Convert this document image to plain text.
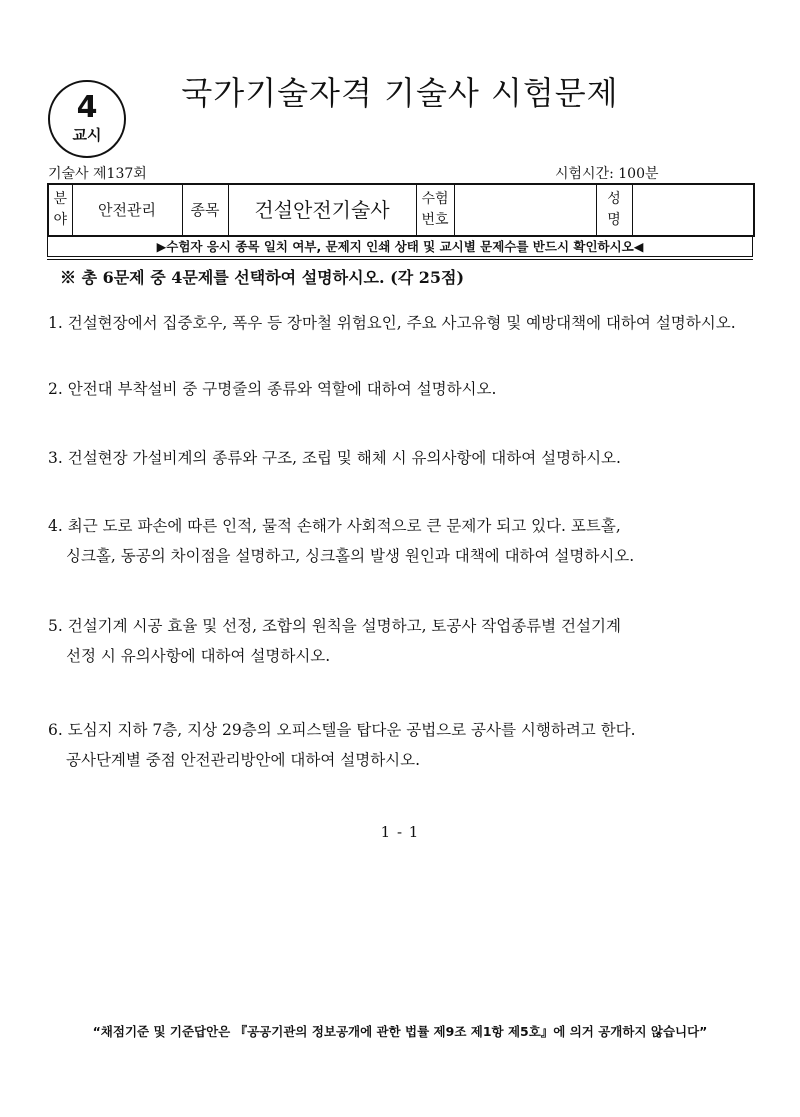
4
교시
국가기술자격 기술사 시험문제
기술사 제137회	시험시간: 100분
분야	안전관리	종목	건설안전기술사	수험번호		성명	
▶수험자 응시 종목 일치 여부, 문제지 인쇄 상태 및 교시별 문제수를 반드시 확인하시오◀
※ 총 6문제 중 4문제를 선택하여 설명하시오. (각 25점)
1. 건설현장에서 집중호우, 폭우 등 장마철 위험요인, 주요 사고유형 및 예방대책에 대하여 설명하시오.
2. 안전대 부착설비 중 구명줄의 종류와 역할에 대하여 설명하시오.
3. 건설현장 가설비계의 종류와 구조, 조립 및 해체 시 유의사항에 대하여 설명하시오.
4. 최근 도로 파손에 따른 인적, 물적 손해가 사회적으로 큰 문제가 되고 있다. 포트홀,
싱크홀, 동공의 차이점을 설명하고, 싱크홀의 발생 원인과 대책에 대하여 설명하시오.
5. 건설기계 시공 효율 및 선정, 조합의 원칙을 설명하고, 토공사 작업종류별 건설기계
선정 시 유의사항에 대하여 설명하시오.
6. 도심지 지하 7층, 지상 29층의 오피스텔을 탑다운 공법으로 공사를 시행하려고 한다.
공사단계별 중점 안전관리방안에 대하여 설명하시오.
1 - 1
“채점기준 및 기준답안은 『공공기관의 정보공개에 관한 법률 제9조 제1항 제5호』에 의거 공개하지 않습니다”
